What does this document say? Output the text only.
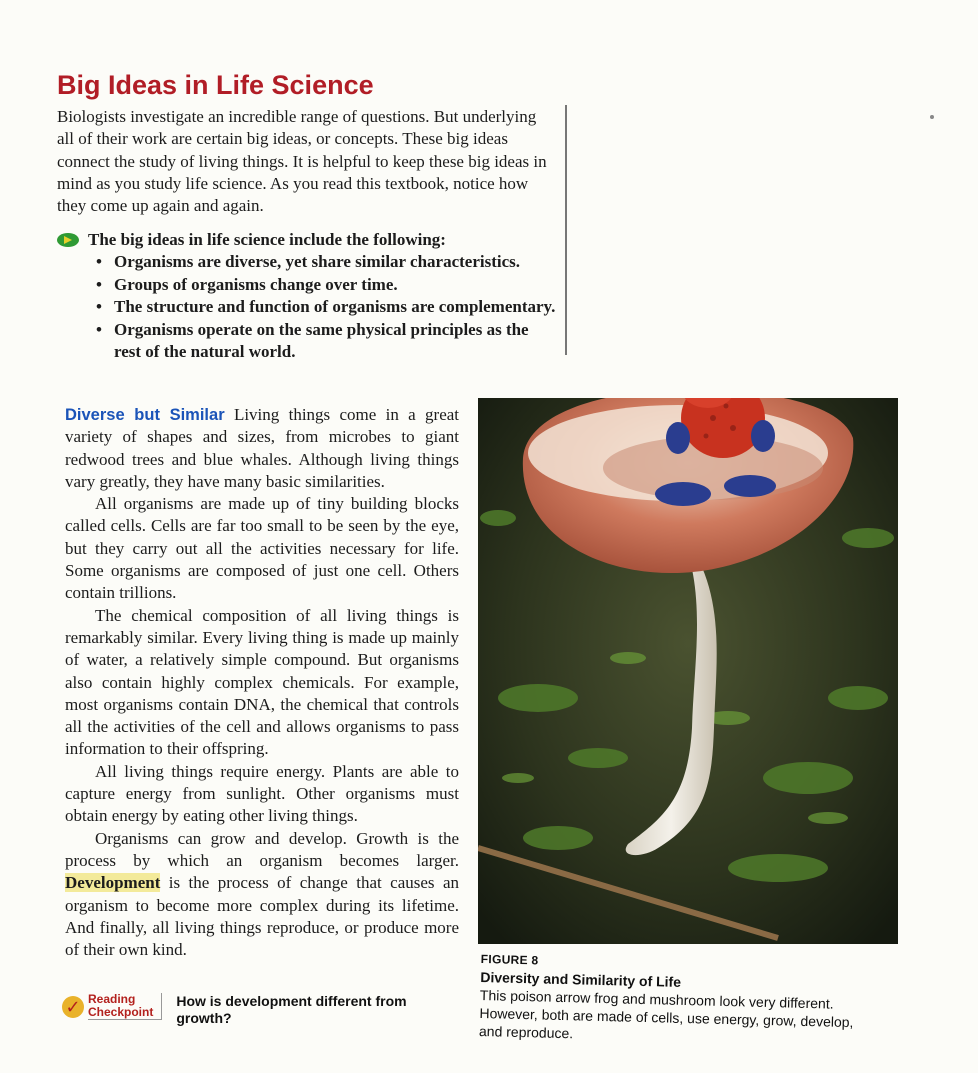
Big Ideas in Life Science

Biologists investigate an incredible range of questions. But underlying all of their work are certain big ideas, or concepts. These big ideas connect the study of living things. It is helpful to keep these big ideas in mind as you study life science. As you read this textbook, notice how they come up again and again.

The big ideas in life science include the following:
• Organisms are diverse, yet share similar characteristics.
• Groups of organisms change over time.
• The structure and function of organisms are complementary.
• Organisms operate on the same physical principles as the rest of the natural world.

Diverse but Similar Living things come in a great variety of shapes and sizes, from microbes to giant redwood trees and blue whales. Although living things vary greatly, they have many basic similarities.

All organisms are made up of tiny building blocks called cells. Cells are far too small to be seen by the eye, but they carry out all the activities necessary for life. Some organisms are composed of just one cell. Others contain trillions.

The chemical composition of all living things is remarkably similar. Every living thing is made up mainly of water, a relatively simple compound. But organisms also contain highly complex chemicals. For example, most organisms contain DNA, the chemical that controls all the activities of the cell and allows organisms to pass information to their offspring.

All living things require energy. Plants are able to capture energy from sunlight. Other organisms must obtain energy by eating other living things.

Organisms can grow and develop. Growth is the process by which an organism becomes larger. Development is the process of change that causes an organism to become more complex during its lifetime. And finally, all living things reproduce, or produce more of their own kind.

✓ Reading
Checkpoint
How is development different from growth?

FIGURE 8

Diversity and Similarity of Life

This poison arrow frog and mushroom look very different. However, both are made of cells, use energy, grow, develop, and reproduce.
